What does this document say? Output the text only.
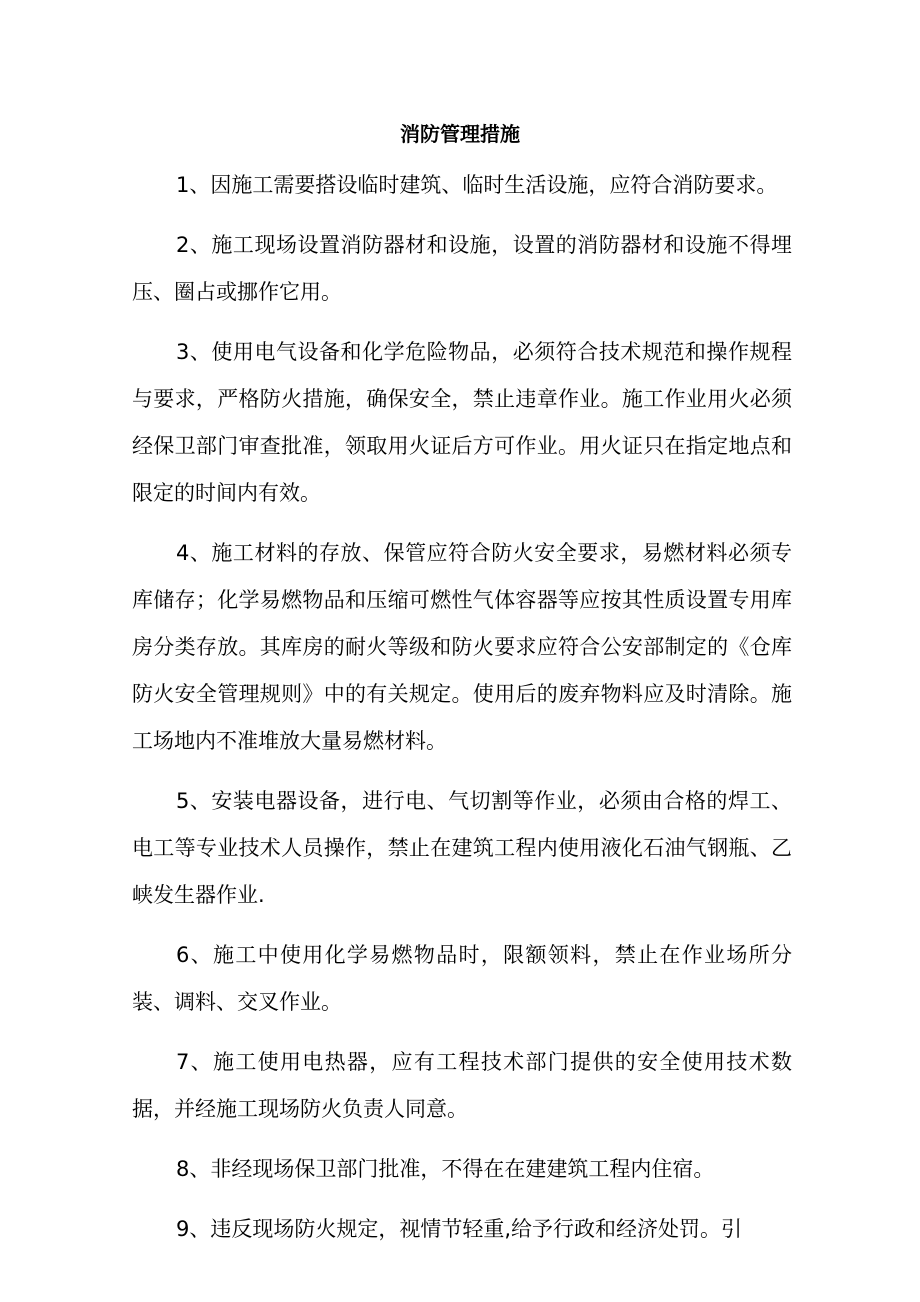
消防管理措施

1、因施工需要搭设临时建筑、临时生活设施，应符合消防要求。

2、施工现场设置消防器材和设施，设置的消防器材和设施不得埋压、圈占或挪作它用。

3、使用电气设备和化学危险物品，必须符合技术规范和操作规程与要求，严格防火措施，确保安全，禁止违章作业。施工作业用火必须经保卫部门审查批准，领取用火证后方可作业。用火证只在指定地点和限定的时间内有效。

4、施工材料的存放、保管应符合防火安全要求，易燃材料必须专库储存；化学易燃物品和压缩可燃性气体容器等应按其性质设置专用库房分类存放。其库房的耐火等级和防火要求应符合公安部制定的《仓库防火安全管理规则》中的有关规定。使用后的废弃物料应及时清除。施工场地内不准堆放大量易燃材料。

5、安装电器设备，进行电、气切割等作业，必须由合格的焊工、电工等专业技术人员操作，禁止在建筑工程内使用液化石油气钢瓶、乙峡发生器作业.

6、施工中使用化学易燃物品时，限额领料，禁止在作业场所分装、调料、交叉作业。

7、施工使用电热器，应有工程技术部门提供的安全使用技术数据，并经施工现场防火负责人同意。

8、非经现场保卫部门批准，不得在在建建筑工程内住宿。

9、违反现场防火规定，视情节轻重,给予行政和经济处罚。引
